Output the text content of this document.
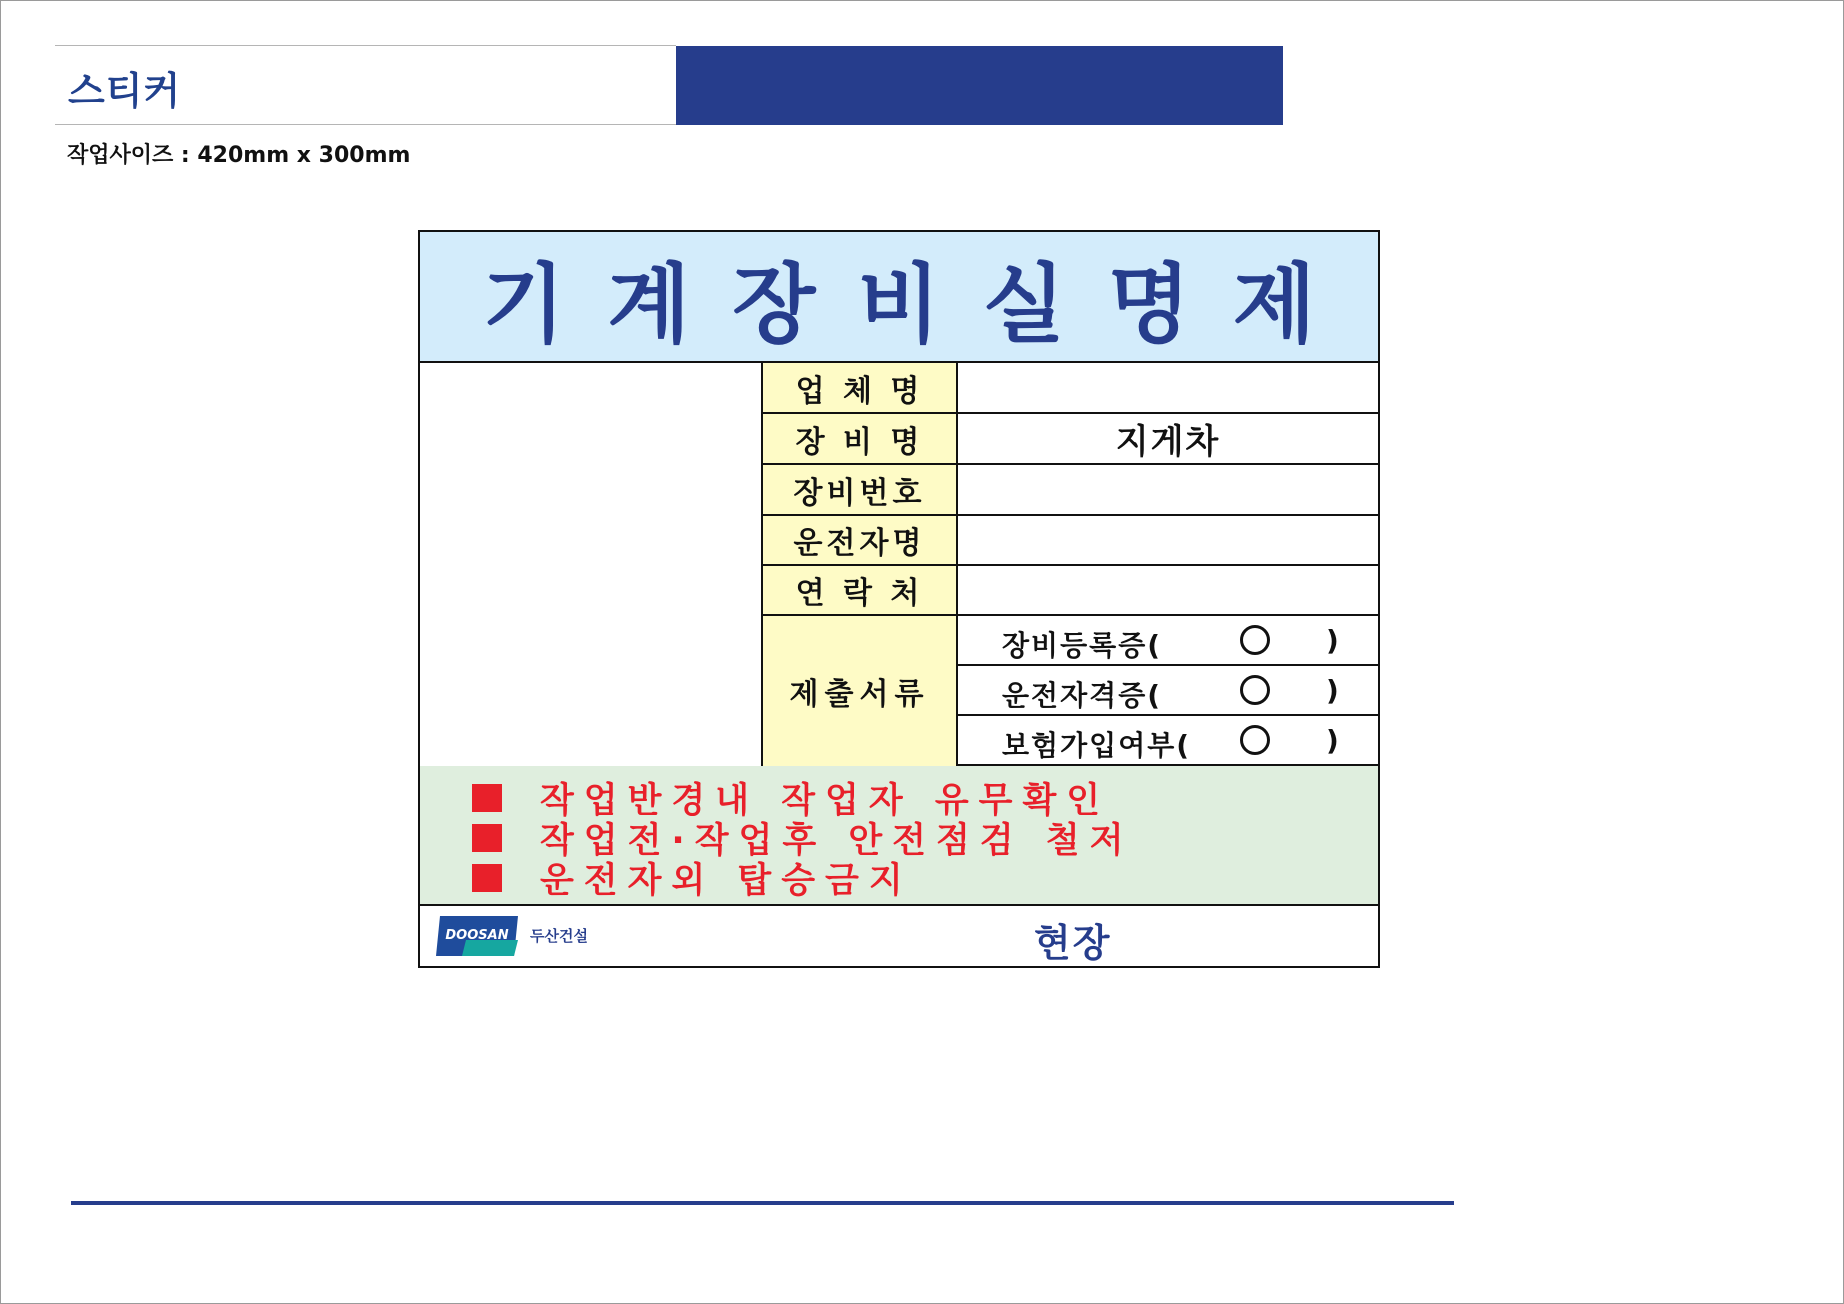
스티커
작업사이즈 : 420mm x 300mm
기계장비실명제
업 체 명
장 비 명	지게차
장비번호
운전자명
연 락 처
제출서류
장비등록증(	)
운전자격증(	)
보험가입여부(	)
작업반경내 작업자 유무확인
작업전·작업후 안전점검 철저
운전자외 탑승금지
DOOSAN 두산건설	현장
